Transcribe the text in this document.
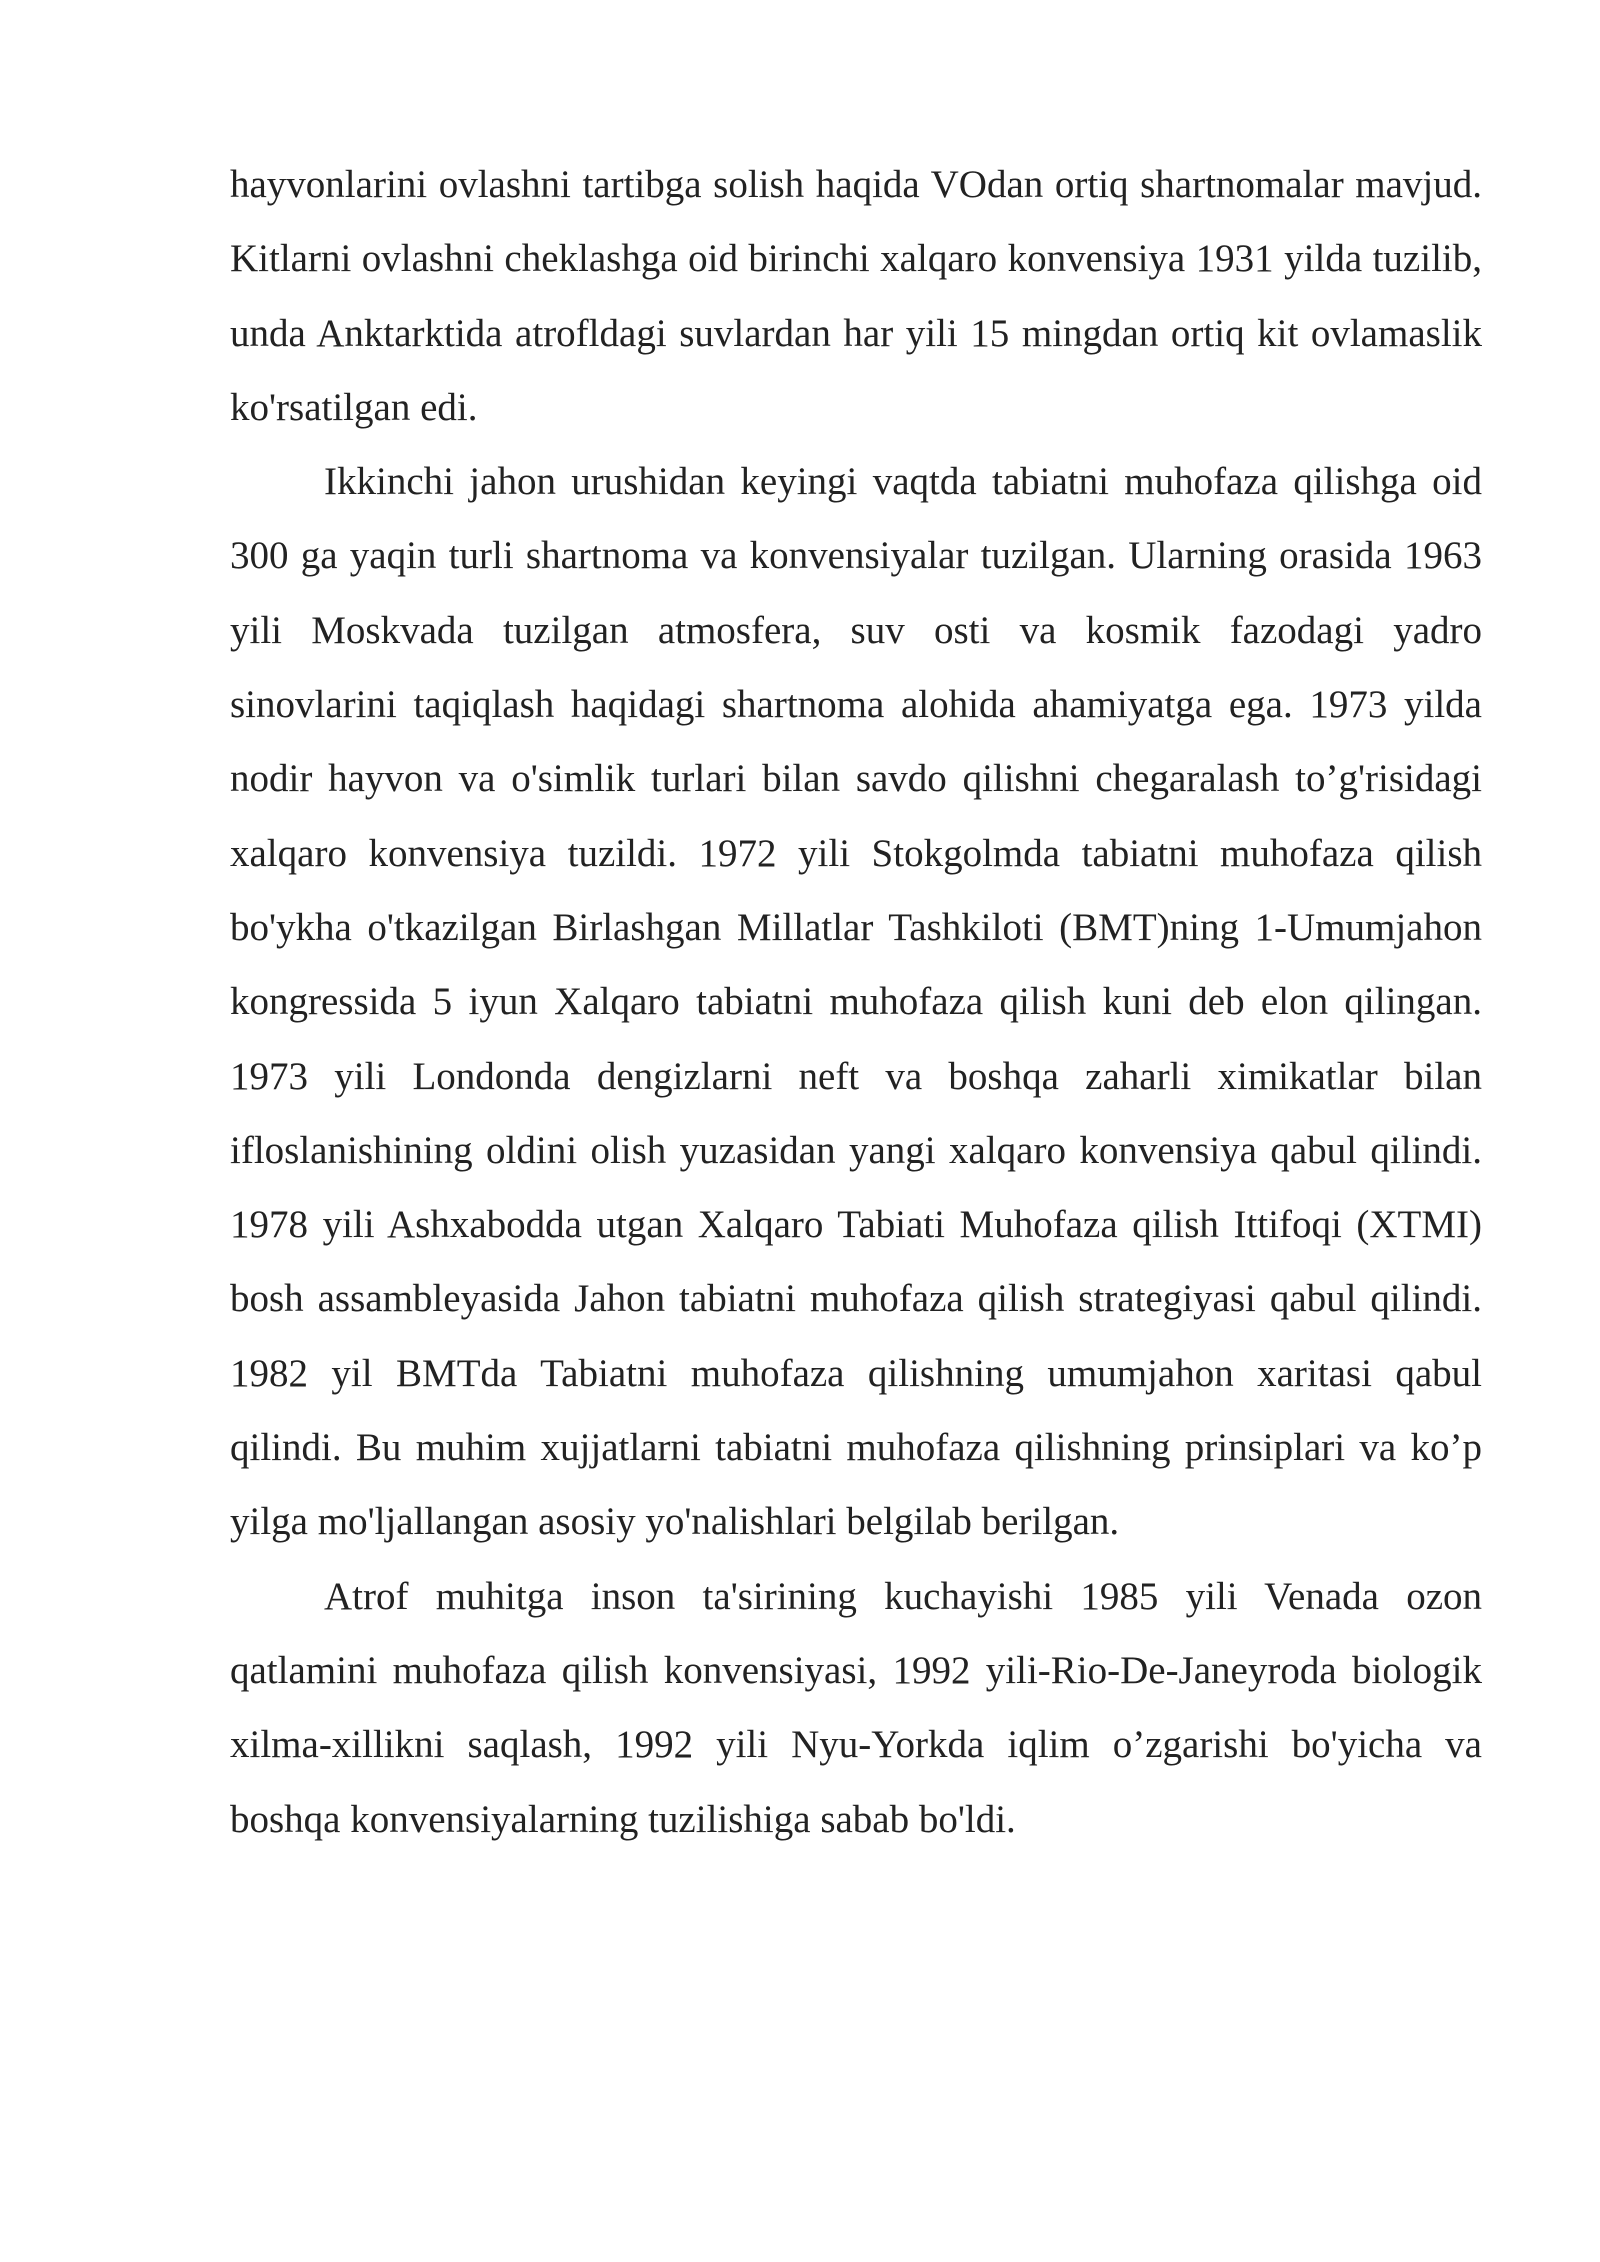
hayvonlarini ovlashni tartibga solish haqida VOdan ortiq shartnomalar mavjud. Kitlarni ovlashni cheklashga oid birinchi xalqaro konvensiya 1931 yilda tuzilib, unda Anktarktida atrofldagi suvlardan har yili 15 mingdan ortiq kit ovlamaslik ko'rsatilgan edi.

Ikkinchi jahon urushidan keyingi vaqtda tabiatni muhofaza qilishga oid 300 ga yaqin turli shartnoma va konvensiyalar tuzilgan. Ularning orasida 1963 yili Moskvada tuzilgan atmosfera, suv osti va kosmik fazodagi yadro sinovlarini taqiqlash haqidagi shartnoma alohida ahamiyatga ega. 1973 yilda nodir hayvon va o'simlik turlari bilan savdo qilishni chegaralash to’g'risidagi xalqaro konvensiya tuzildi. 1972 yili Stokgolmda tabiatni muhofaza qilish bo'ykha o'tkazilgan Birlashgan Millatlar Tashkiloti (BMT)ning 1-Umumjahon kongressida 5 iyun Xalqaro tabiatni muhofaza qilish kuni deb elon qilingan. 1973 yili Londonda dengizlarni neft va boshqa zaharli ximikatlar bilan ifloslanishining oldini olish yuzasidan yangi xalqaro konvensiya qabul qilindi. 1978 yili Ashxabodda utgan Xalqaro Tabiati Muhofaza qilish Ittifoqi (XTMI) bosh assambleyasida Jahon tabiatni muhofaza qilish strategiyasi qabul qilindi. 1982 yil BMTda Tabiatni muhofaza qilishning umumjahon xaritasi qabul qilindi. Bu muhim xujjatlarni tabiatni muhofaza qilishning prinsiplari va ko’p yilga mo'ljallangan asosiy yo'nalishlari belgilab berilgan.

Atrof muhitga inson ta'sirining kuchayishi 1985 yili Venada ozon qatlamini muhofaza qilish konvensiyasi, 1992 yili-Rio-De-Janeyroda biologik xilma-xillikni saqlash, 1992 yili Nyu-Yorkda iqlim o’zgarishi bo'yicha va boshqa konvensiyalarning tuzilishiga sabab bo'ldi.
